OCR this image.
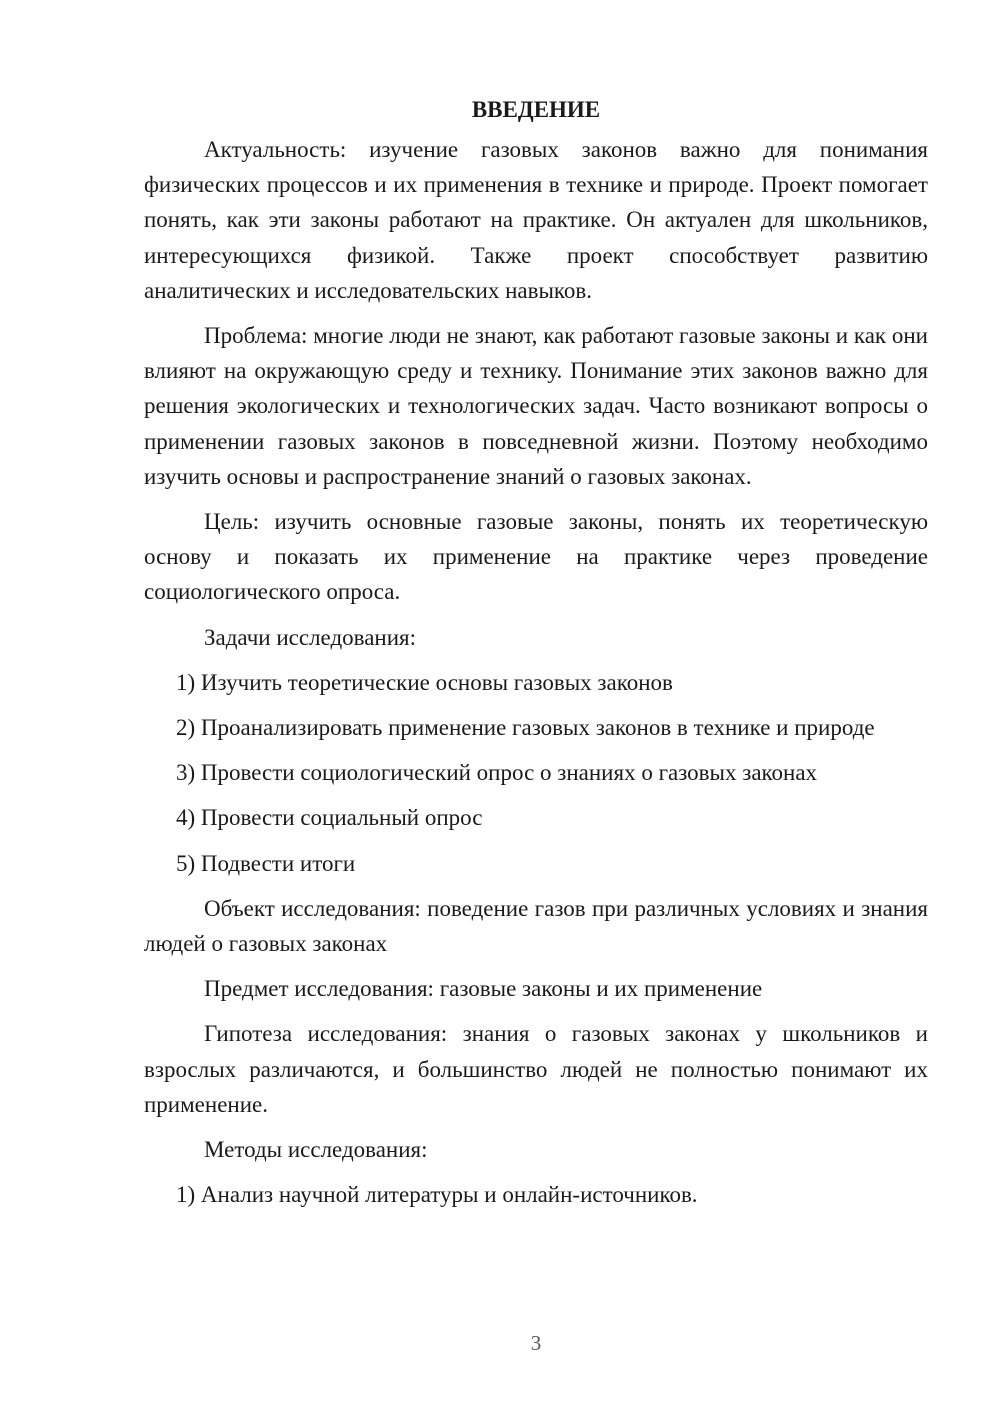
ВВЕДЕНИЕ

Актуальность: изучение газовых законов важно для понимания физических процессов и их применения в технике и природе. Проект помогает понять, как эти законы работают на практике. Он актуален для школьников, интересующихся физикой. Также проект способствует развитию аналитических и исследовательских навыков.

Проблема: многие люди не знают, как работают газовые законы и как они влияют на окружающую среду и технику. Понимание этих законов важно для решения экологических и технологических задач. Часто возникают вопросы о применении газовых законов в повседневной жизни. Поэтому необходимо изучить основы и распространение знаний о газовых законах.

Цель: изучить основные газовые законы, понять их теоретическую основу и показать их применение на практике через проведение социологического опроса.

Задачи исследования:

1) Изучить теоретические основы газовых законов

2) Проанализировать применение газовых законов в технике и природе

3) Провести социологический опрос о знаниях о газовых законах

4) Провести социальный опрос

5) Подвести итоги

Объект исследования: поведение газов при различных условиях и знания людей о газовых законах

Предмет исследования: газовые законы и их применение

Гипотеза исследования: знания о газовых законах у школьников и взрослых различаются, и большинство людей не полностью понимают их применение.

Методы исследования:

1) Анализ научной литературы и онлайн-источников.

3
